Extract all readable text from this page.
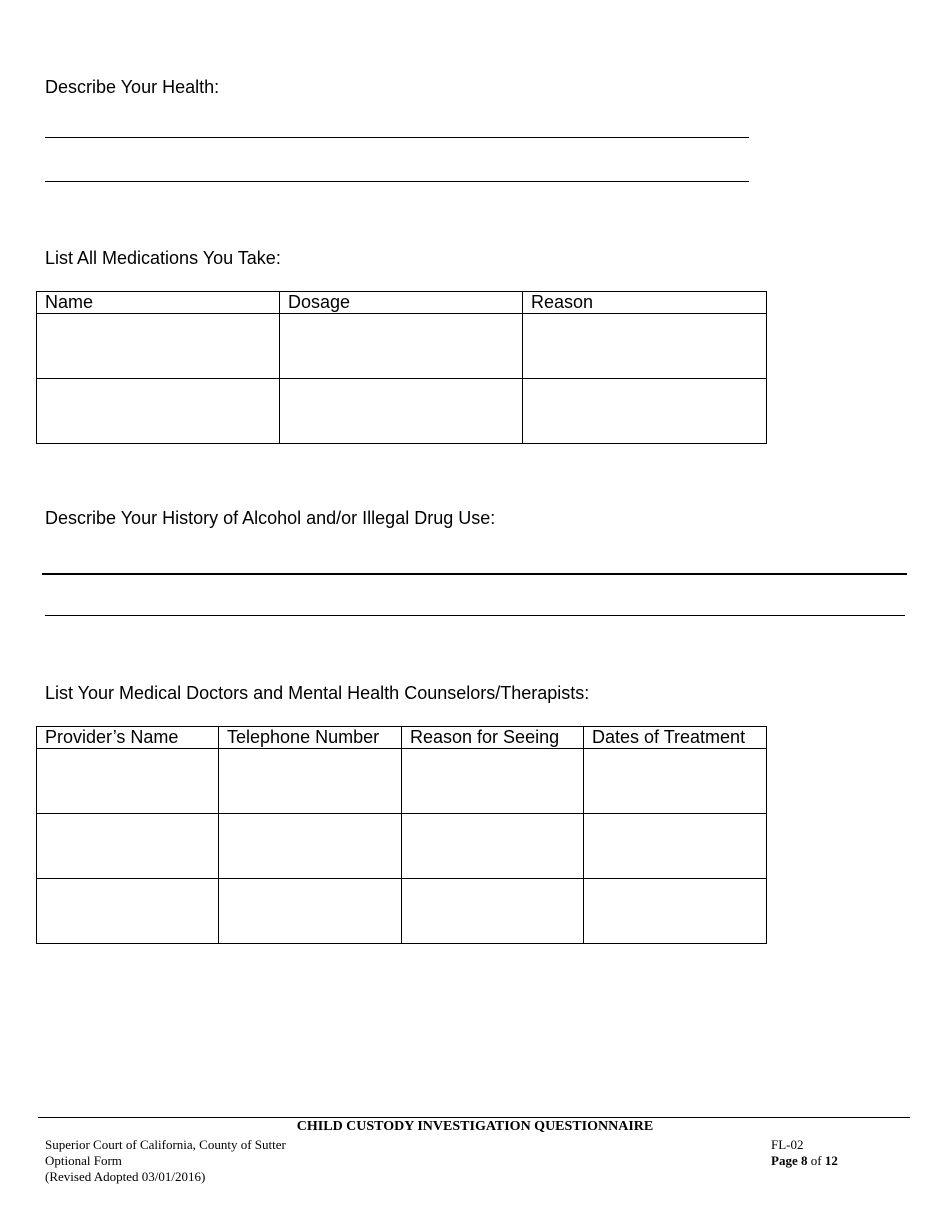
Describe Your Health:
List All Medications You Take:
Name	Dosage	Reason

Describe Your History of Alcohol and/or Illegal Drug Use:
List Your Medical Doctors and Mental Health Counselors/Therapists:
Provider’s Name	Telephone Number	Reason for Seeing	Dates of Treatment

CHILD CUSTODY INVESTIGATION QUESTIONNAIRE
Superior Court of California, County of Sutter
Optional Form
(Revised Adopted 03/01/2016)
FL-02
Page 8 of 12
